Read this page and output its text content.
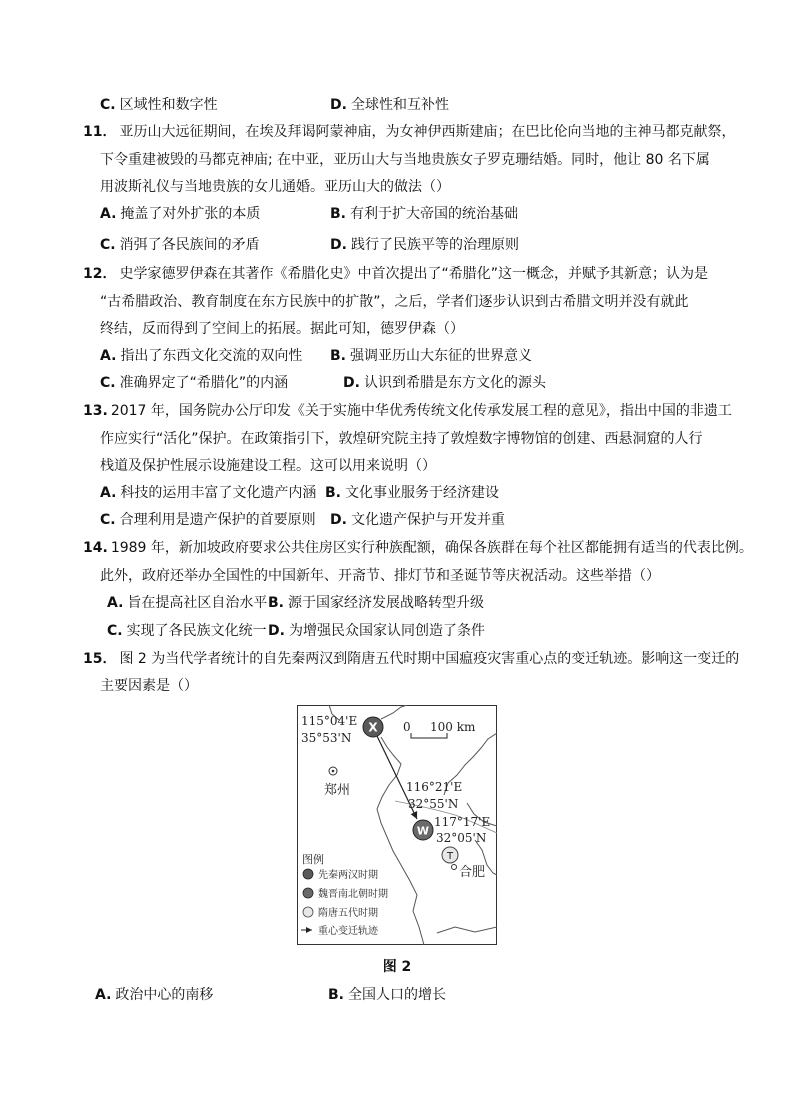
C. 区域性和数字性	D. 全球性和互补性
11． 亚历山大远征期间，在埃及拜谒阿蒙神庙，为女神伊西斯建庙；在巴比伦向当地的主神马都克献祭，
下令重建被毁的马都克神庙; 在中亚，亚历山大与当地贵族女子罗克珊结婚。同时，他让 80 名下属
用波斯礼仪与当地贵族的女儿通婚。亚历山大的做法（）
A. 掩盖了对外扩张的本质	B. 有利于扩大帝国的统治基础
C. 消弭了各民族间的矛盾	D. 践行了民族平等的治理原则
12． 史学家德罗伊森在其著作《希腊化史》中首次提出了“希腊化”这一概念，并赋予其新意；认为是
“古希腊政治、教育制度在东方民族中的扩散”，之后，学者们逐步认识到古希腊文明并没有就此
终结，反而得到了空间上的拓展。据此可知，德罗伊森（）
A. 指出了东西文化交流的双向性 B. 强调亚历山大东征的世界意义
C. 准确界定了“希腊化”的内涵	D. 认识到希腊是东方文化的源头
13. 2017 年，国务院办公厅印发《关于实施中华优秀传统文化传承发展工程的意见》，指出中国的非遗工
作应实行“活化”保护。在政策指引下，敦煌研究院主持了敦煌数字博物馆的创建、西悬洞窟的人行
栈道及保护性展示设施建设工程。这可以用来说明（）
A. 科技的运用丰富了文化遗产内涵 B. 文化事业服务于经济建设
C. 合理利用是遗产保护的首要原则 D. 文化遗产保护与开发并重
14. 1989 年，新加坡政府要求公共住房区实行种族配额，确保各族群在每个社区都能拥有适当的代表比例。
此外，政府还举办全国性的中国新年、开斋节、排灯节和圣诞节等庆祝活动。这些举措（）
A. 旨在提高社区自治水平 B. 源于国家经济发展战略转型升级
C. 实现了各民族文化统一 D. 为增强民众国家认同创造了条件
15． 图 2 为当代学者统计的自先秦两汉到隋唐五代时期中国瘟疫灾害重心点的变迁轨迹。影响这一变迁的
主要因素是（）
115°04'E
35°53'N
116°21'E
32°55'N
117°17'E
32°05'N
0 100 km
X
W
T
郑州
合肥
图例
先秦两汉时期
魏晋南北朝时期
隋唐五代时期
重心变迁轨迹
图 2
A. 政治中心的南移	B. 全国人口的增长
